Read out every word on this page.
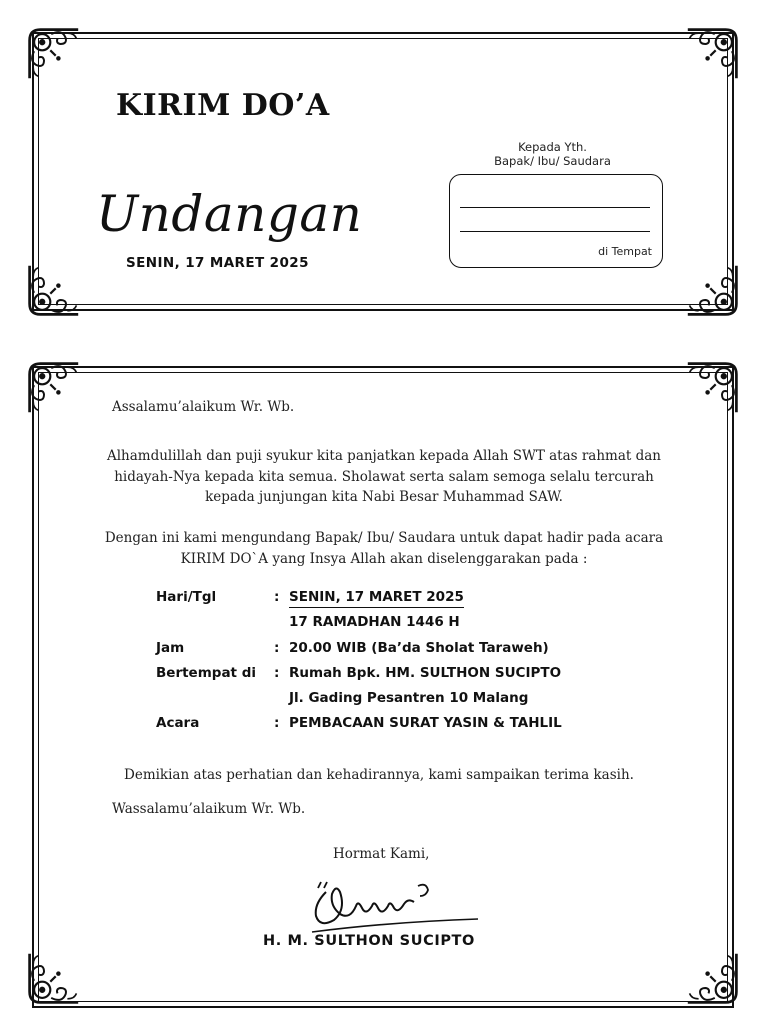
KIRIM DO’A
Undangan
SENIN, 17 MARET 2025
Kepada Yth.
Bapak/ Ibu/ Saudara
di Tempat
Assalamu’alaikum Wr. Wb.
Alhamdulillah dan puji syukur kita panjatkan kepada Allah SWT atas rahmat dan hidayah-Nya kepada kita semua. Sholawat serta salam semoga selalu tercurah kepada junjungan kita Nabi Besar Muhammad SAW.
Dengan ini kami mengundang Bapak/ Ibu/ Saudara untuk dapat hadir pada acara KIRIM DO`A yang Insya Allah akan diselenggarakan pada :
Hari/Tgl	: SENIN, 17 MARET 2025
17 RAMADHAN 1446 H
Jam	: 20.00 WIB (Ba’da Sholat Taraweh)
Bertempat di : Rumah Bpk. HM. SULTHON SUCIPTO
Jl. Gading Pesantren 10 Malang
Acara	: PEMBACAAN SURAT YASIN & TAHLIL
Demikian atas perhatian dan kehadirannya, kami sampaikan terima kasih.
Wassalamu’alaikum Wr. Wb.
Hormat Kami,
H. M. SULTHON SUCIPTO
